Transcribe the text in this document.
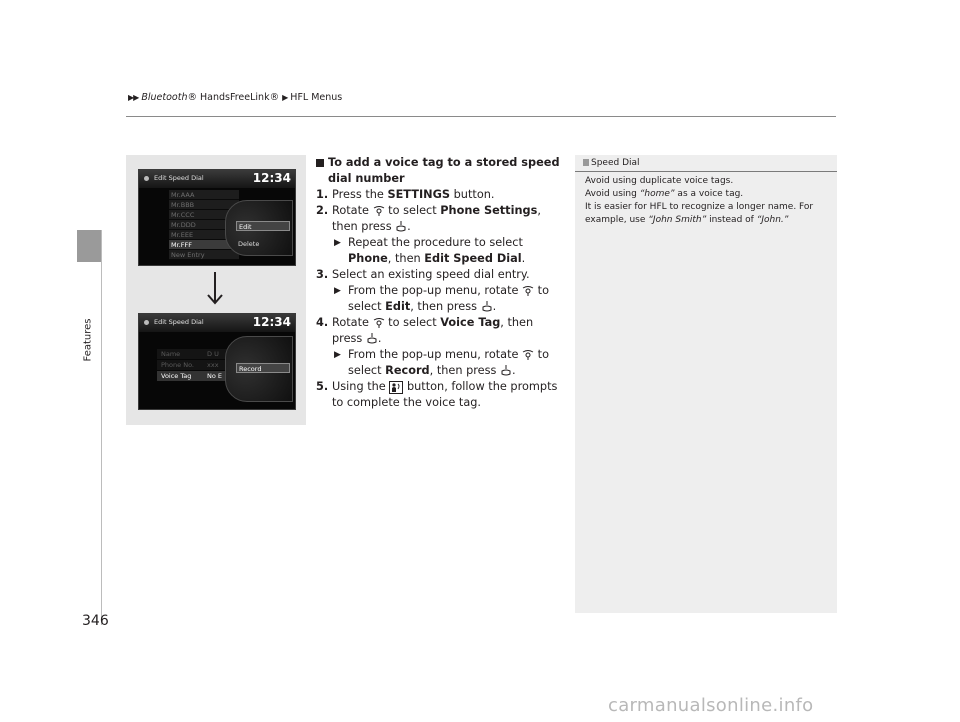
▶▶ Bluetooth® HandsFreeLink® ▶ HFL Menus
Features
Edit Speed Dial	12:34
Mr.AAA
Mr.BBB
Mr.CCC
Mr.DDD
Mr.EEE
Mr.FFF
New Entry
Edit
Delete
Edit Speed Dial	12:34
Name	D U
Phone No. xxx
Voice Tag No E
Record
To add a voice tag to a stored speed dial number
1. Press the SETTINGS button.
2. Rotate  to select Phone Settings, then press .
▶ Repeat the procedure to select Phone, then Edit Speed Dial.
3. Select an existing speed dial entry.
▶ From the pop-up menu, rotate  to select Edit, then press .
4. Rotate  to select Voice Tag, then press .
▶ From the pop-up menu, rotate  to select Record, then press .
5. Using the  button, follow the prompts to complete the voice tag.
Speed Dial
Avoid using duplicate voice tags.
Avoid using “home” as a voice tag.
It is easier for HFL to recognize a longer name. For example, use “John Smith” instead of “John.”
346
carmanualsonline.info
